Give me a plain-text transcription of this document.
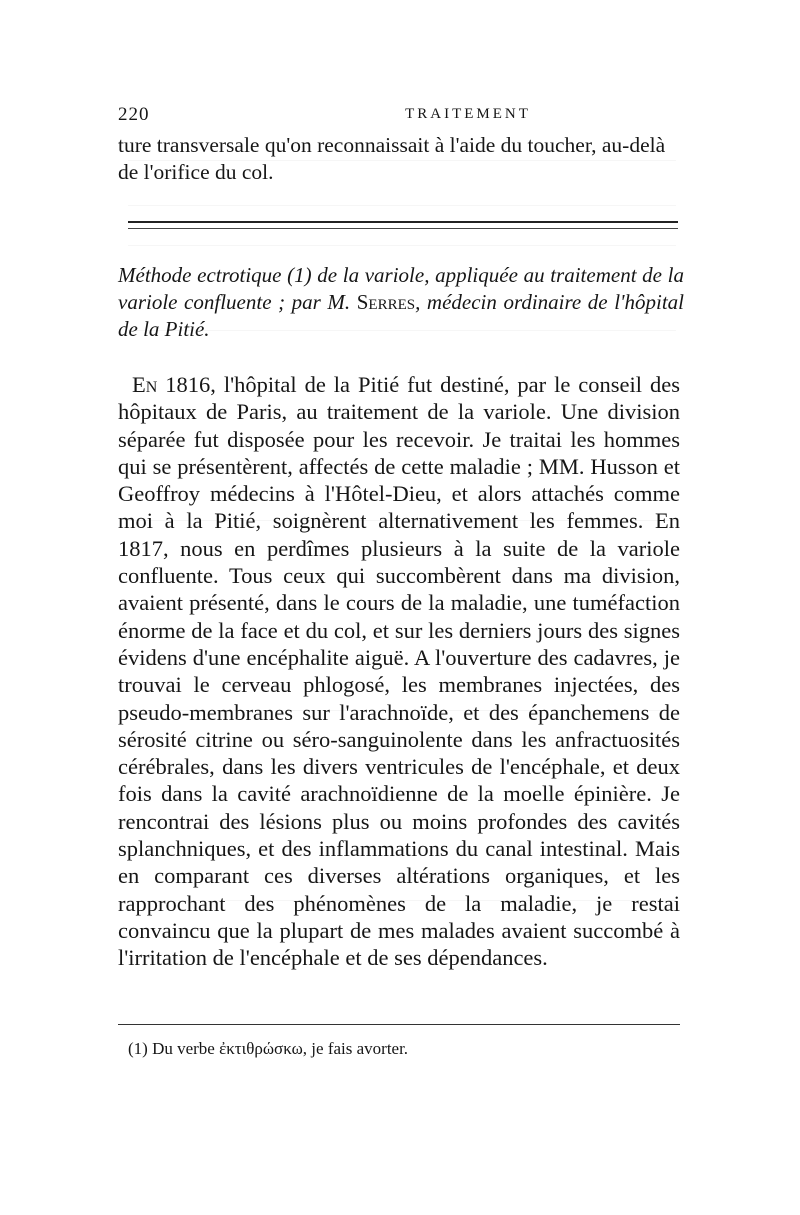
220	TRAITEMENT
ture transversale qu'on reconnaissait à l'aide du toucher, au-delà de l'orifice du col.
Méthode ectrotique (1) de la variole, appliquée au traitement de la variole confluente ; par M. Serres, médecin ordinaire de l'hôpital de la Pitié.

En 1816, l'hôpital de la Pitié fut destiné, par le conseil des hôpitaux de Paris, au traitement de la variole. Une division séparée fut disposée pour les recevoir. Je traitai les hommes qui se présentèrent, affectés de cette maladie ; MM. Husson et Geoffroy médecins à l'Hôtel-Dieu, et alors attachés comme moi à la Pitié, soignèrent alternativement les femmes. En 1817, nous en perdîmes plusieurs à la suite de la variole confluente. Tous ceux qui succombèrent dans ma division, avaient présenté, dans le cours de la maladie, une tuméfaction énorme de la face et du col, et sur les derniers jours des signes évidens d'une encéphalite aiguë. A l'ouverture des cadavres, je trouvai le cerveau phlogosé, les membranes injectées, des pseudo-membranes sur l'arachnoïde, et des épanchemens de sérosité citrine ou séro-sanguinolente dans les anfractuosités cérébrales, dans les divers ventricules de l'encéphale, et deux fois dans la cavité arachnoïdienne de la moelle épinière. Je rencontrai des lésions plus ou moins profondes des cavités splanchniques, et des inflammations du canal intestinal. Mais en comparant ces diverses altérations organiques, et les rapprochant des phénomènes de la maladie, je restai convaincu que la plupart de mes malades avaient succombé à l'irritation de l'encéphale et de ses dépendances.

(1) Du verbe ἐκτιθρώσκω, je fais avorter.
